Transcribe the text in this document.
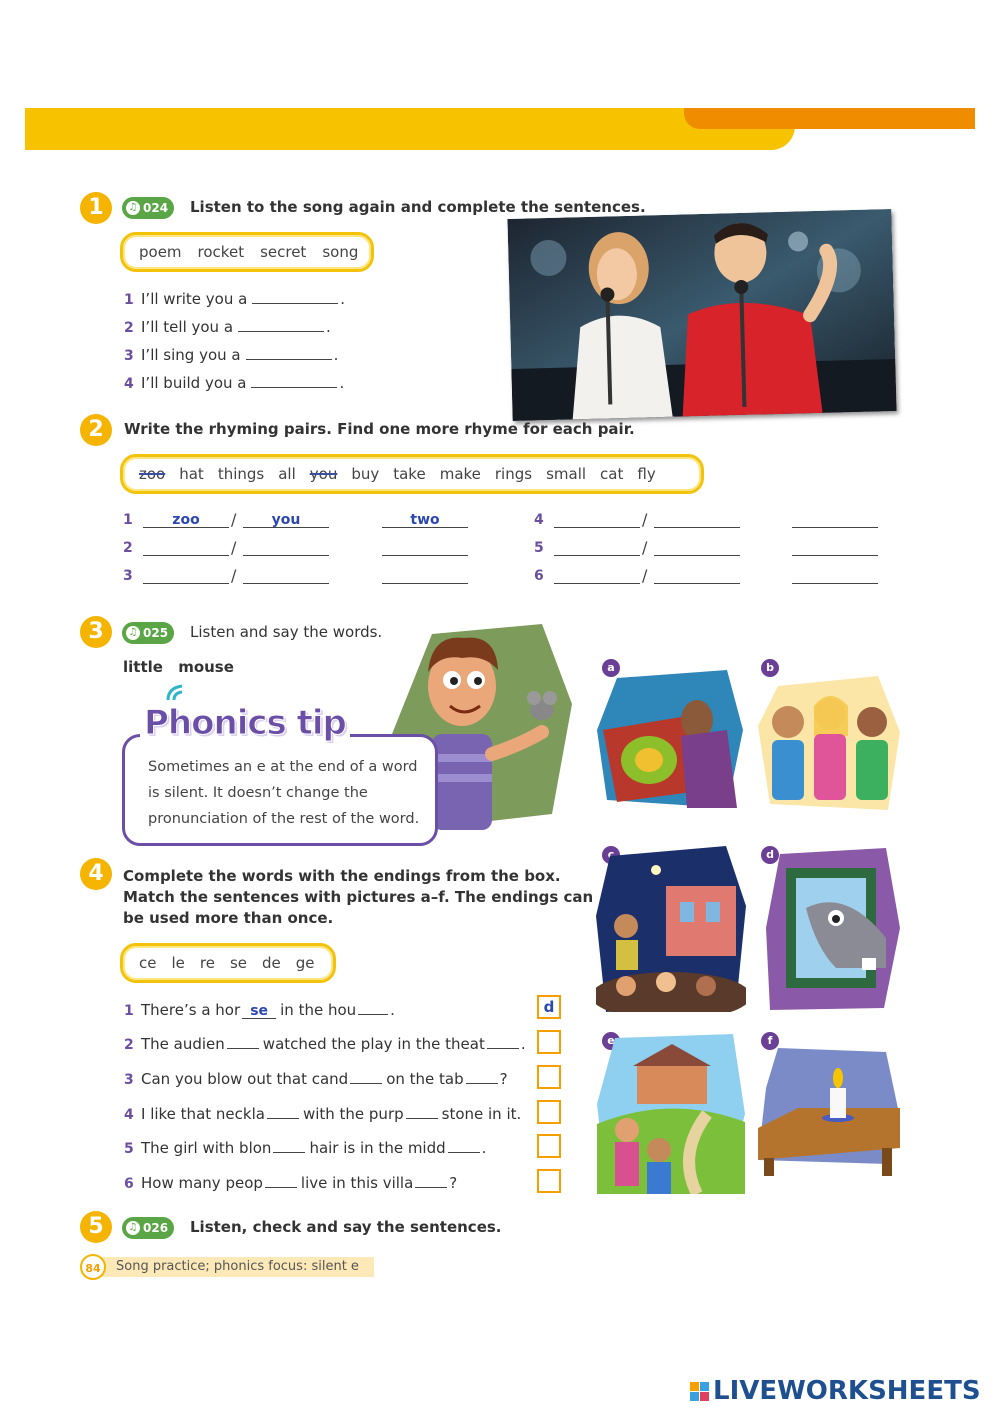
1	♫ 024 Listen to the song again and complete the sentences.
poem rocket secret song
1 I’ll write you a	.
2 I’ll tell you a	.
3 I’ll sing you a	.
4 I’ll build you a	.
2	Write the rhyming pairs. Find one more rhyme for each pair.
zoo hat things all you buy take make rings small cat fly
1	zoo	/	you	two
2	/
3	/
4	/
5	/
6	/
3	♫ 025 Listen and say the words.
little mouse
Phonics tip
Sometimes an e at the end of a word
is silent. It doesn’t change the
pronunciation of the rest of the word.
a	b
c	d
e	f
4	Complete the words with the endings from the box.
Match the sentences with pictures a–f. The endings can
be used more than once.
ce le re se de ge
1 There’s a hor se in the hou .
2 The audien	watched the play in the theat .
3 Can you blow out that cand	on the tab ?
4 I like that neckla	with the purp	stone in it.
5 The girl with blon	hair is in the midd .
6 How many peop	live in this villa ?
d
5	♫ 026 Listen, check and say the sentences.
Song practice; phonics focus: silent e
84
LIVEWORKSHEETS
